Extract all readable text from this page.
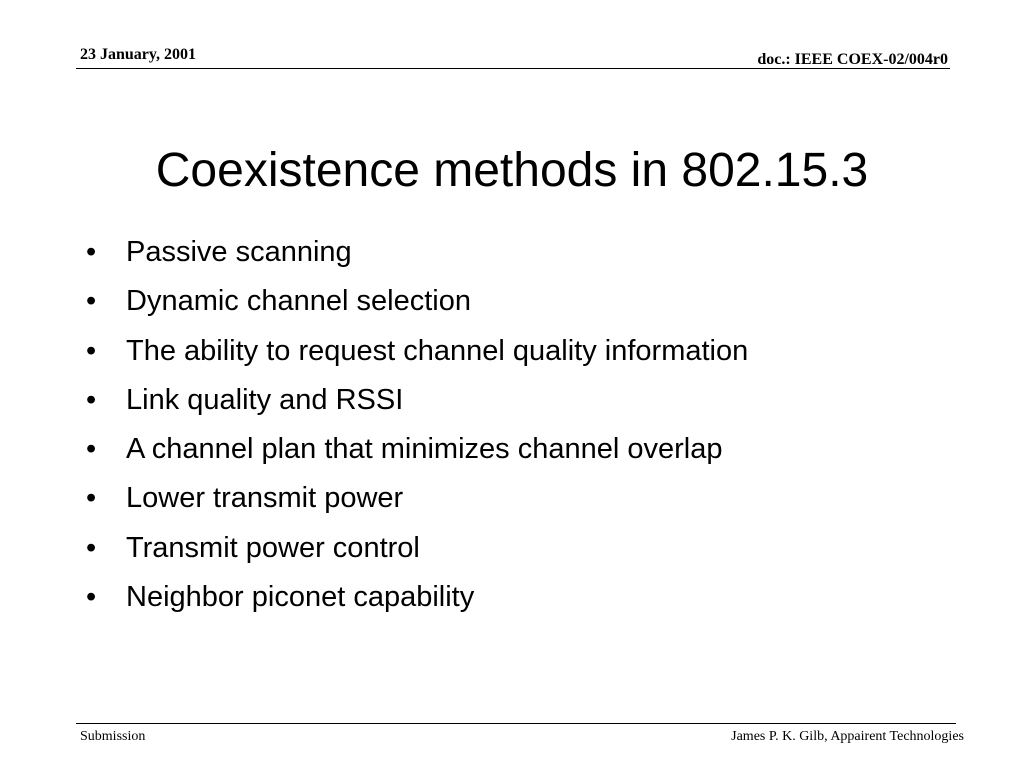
23 January, 2001	doc.: IEEE COEX-02/004r0
Coexistence methods in 802.15.3
•	Passive scanning
•	Dynamic channel selection
•	The ability to request channel quality information
•	Link quality and RSSI
•	A channel plan that minimizes channel overlap
•	Lower transmit power
•	Transmit power control
•	Neighbor piconet capability
Submission	James P. K. Gilb, Appairent Technologies
